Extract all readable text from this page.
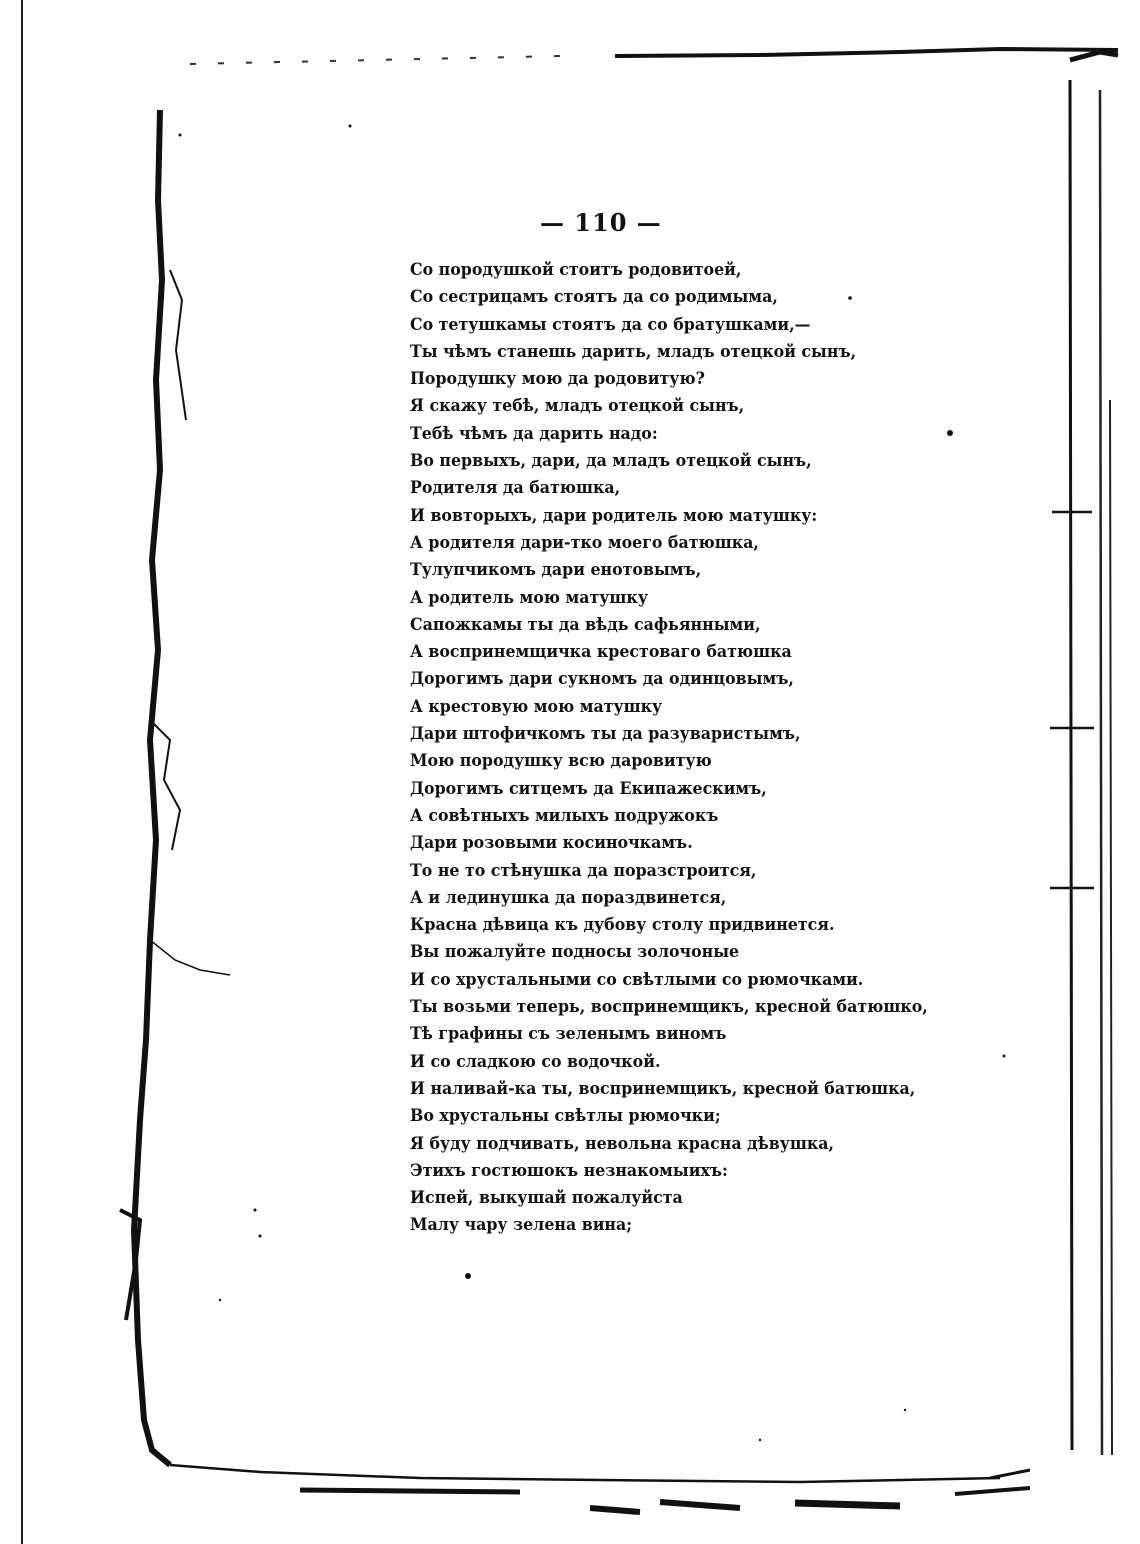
— 110 —
Со породушкой стоитъ родовитоей,
Со сестрицамъ стоятъ да со родимыма,
Со тетушкамы стоятъ да со братушками,—
Ты чѣмъ станешь дарить, младъ отецкой сынъ,
Породушку мою да родовитую?
Я скажу тебѣ, младъ отецкой сынъ,
Тебѣ чѣмъ да дарить надо:
Во первыхъ, дари, да младъ отецкой сынъ,
Родителя да батюшка,
И вовторыхъ, дари родитель мою матушку:
А родителя дари-тко моего батюшка,
Тулупчикомъ дари енотовымъ,
А родитель мою матушку
Сапожкамы ты да вѣдь сафьянными,
А воспринемщичка крестоваго батюшка
Дорогимъ дари сукномъ да одинцовымъ,
А крестовую мою матушку
Дари штофичкомъ ты да разуваристымъ,
Мою породушку всю даровитую
Дорогимъ ситцемъ да Екипажескимъ,
А совѣтныхъ милыхъ подружокъ
Дари розовыми косиночкамъ.
То не то стѣнушка да поразстроится,
А и лединушка да пораздвинется,
Красна дѣвица къ дубову столу придвинется.
Вы пожалуйте подносы золочоные
И со хрустальными со свѣтлыми со рюмочками.
Ты возьми теперь, воспринемщикъ, кресной батюшко,
Тѣ графины съ зеленымъ виномъ
И со сладкою со водочкой.
И наливай-ка ты, воспринемщикъ, кресной батюшка,
Во хрустальны свѣтлы рюмочки;
Я буду подчивать, невольна красна дѣвушка,
Этихъ гостюшокъ незнакомыихъ:
Испей, выкушай пожалуйста
Малу чару зелена вина;
